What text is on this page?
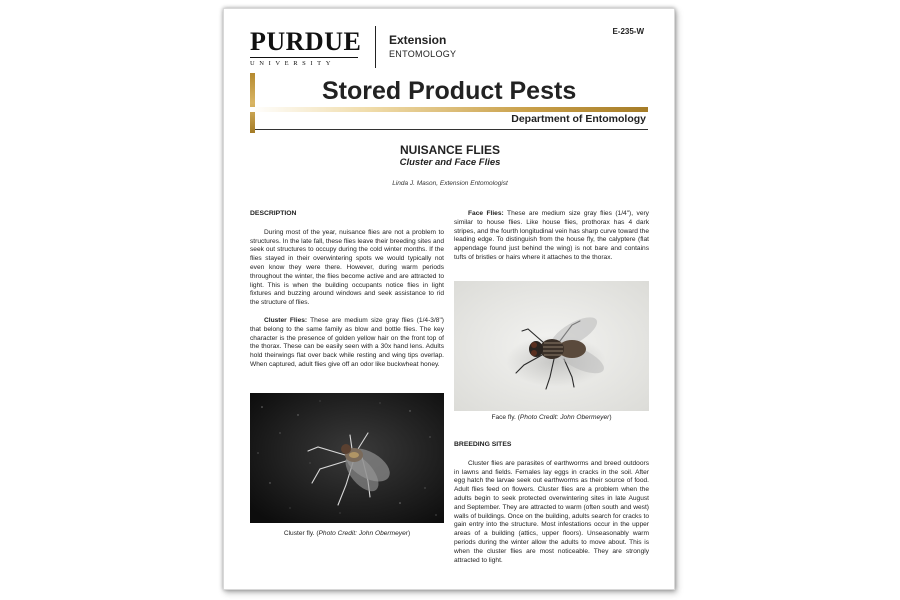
PURDUE
UNIVERSITY
Extension
ENTOMOLOGY
E-235-W
Stored Product Pests
Department of Entomology
NUISANCE FLIES
Cluster and Face Flies
Linda J. Mason, Extension Entomologist

DESCRIPTION

During most of the year, nuisance flies are not a problem to structures. In the late fall, these flies leave their breeding sites and seek out structures to occupy during the cold winter months. If the flies stayed in their overwintering spots we would typically not even know they were there. However, during warm periods throughout the winter, the flies become active and are attracted to light. This is when the building occupants notice flies in light fixtures and buzzing around windows and seek assistance to rid the structure of flies.

Cluster Flies: These are medium size gray flies (1/4-3/8") that belong to the same family as blow and bottle flies. The key character is the presence of golden yellow hair on the front top of the thorax. These can be easily seen with a 30x hand lens. Adults hold theirwings flat over back while resting and wing tips overlap. When captured, adult flies give off an odor like buckwheat honey.

Cluster fly. (Photo Credit: John Obermeyer)

Face Flies: These are medium size gray flies (1/4"), very similar to house flies. Like house flies, prothorax has 4 dark stripes, and the fourth longitudinal vein has sharp curve toward the leading edge. To distinguish from the house fly, the calyptere (flat appendage found just behind the wing) is not bare and contains tufts of bristles or hairs where it attaches to the thorax.

Face fly. (Photo Credit: John Obermeyer)

BREEDING SITES

Cluster flies are parasites of earthworms and breed outdoors in lawns and fields. Females lay eggs in cracks in the soil. After egg hatch the larvae seek out earthworms as their source of food. Adult flies feed on flowers. Cluster flies are a problem when the adults begin to seek protected overwintering sites in late August and September. They are attracted to warm (often south and west) walls of buildings. Once on the building, adults search for cracks to gain entry into the structure. Most infestations occur in the upper areas of a building (attics, upper floors). Unseasonably warm periods during the winter allow the adults to move about. This is when the cluster flies are most noticeable. They are strongly attracted to light.
